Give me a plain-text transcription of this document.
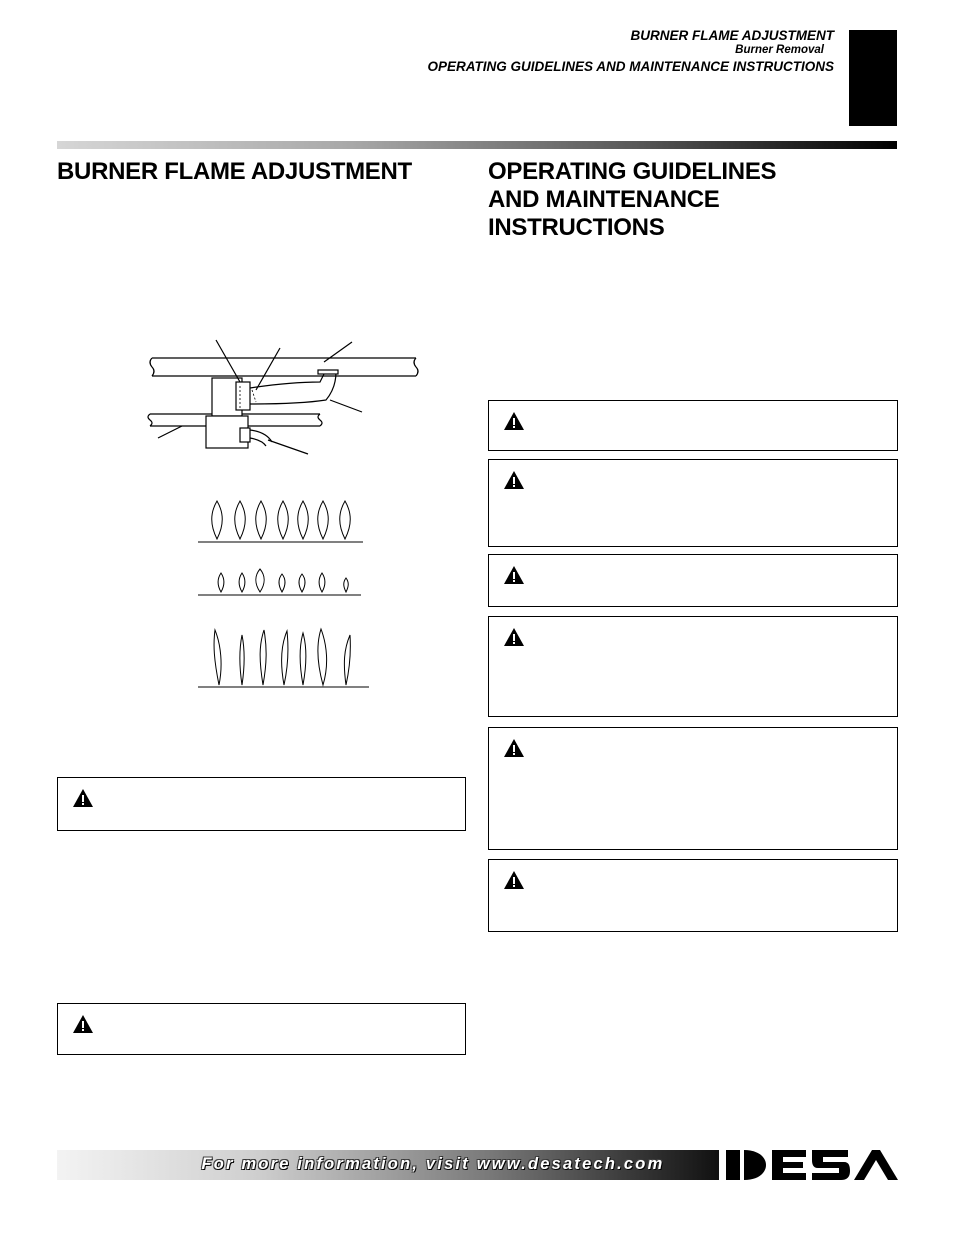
BURNER FLAME ADJUSTMENT
Burner Removal
OPERATING GUIDELINES AND MAINTENANCE INSTRUCTIONS
BURNER FLAME ADJUSTMENT	OPERATING GUIDELINES
AND MAINTENANCE
INSTRUCTIONS
For more information, visit www.desatech.com
